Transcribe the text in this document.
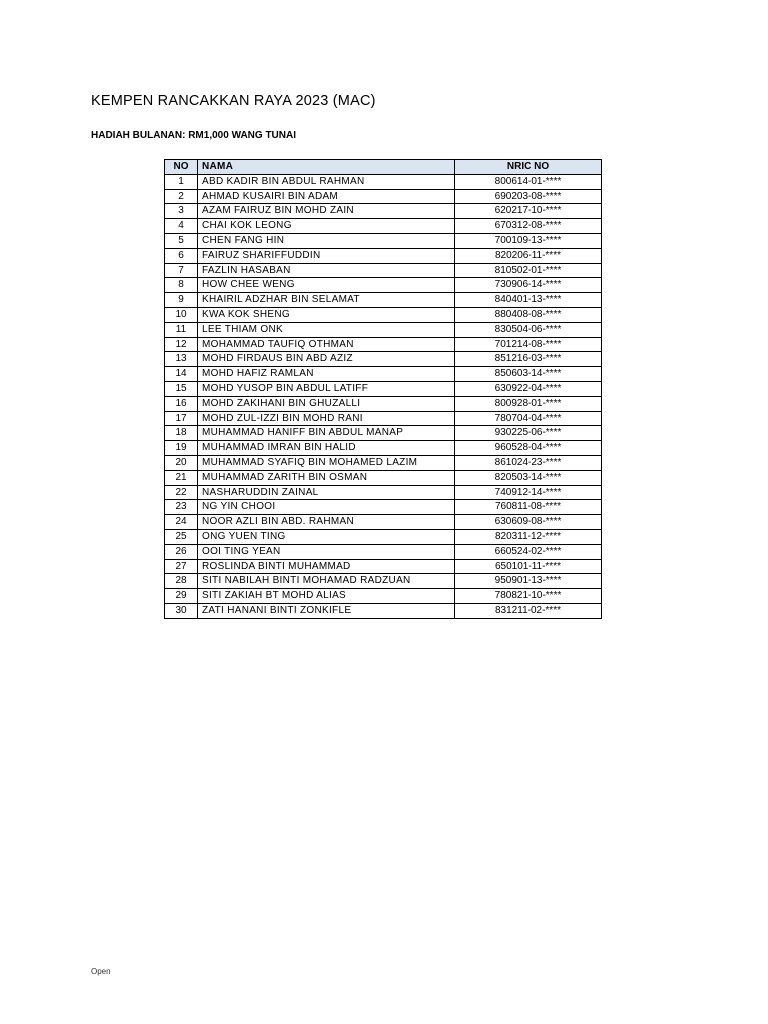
KEMPEN RANCAKKAN RAYA 2023 (MAC)
HADIAH BULANAN: RM1,000 WANG TUNAI
NO	NAMA	NRIC NO
1	ABD KADIR BIN ABDUL RAHMAN	800614-01-****
2	AHMAD KUSAIRI BIN ADAM	690203-08-****
3	AZAM FAIRUZ BIN MOHD ZAIN	620217-10-****
4	CHAI KOK LEONG	670312-08-****
5	CHEN FANG HIN	700109-13-****
6	FAIRUZ SHARIFFUDDIN	820206-11-****
7	FAZLIN HASABAN	810502-01-****
8	HOW CHEE WENG	730906-14-****
9	KHAIRIL ADZHAR BIN SELAMAT	840401-13-****
10	KWA KOK SHENG	880408-08-****
11	LEE THIAM ONK	830504-06-****
12	MOHAMMAD TAUFIQ OTHMAN	701214-08-****
13	MOHD FIRDAUS BIN ABD AZIZ	851216-03-****
14	MOHD HAFIZ RAMLAN	850603-14-****
15	MOHD YUSOP BIN ABDUL LATIFF	630922-04-****
16	MOHD ZAKIHANI BIN GHUZALLI	800928-01-****
17	MOHD ZUL-IZZI BIN MOHD RANI	780704-04-****
18	MUHAMMAD HANIFF BIN ABDUL MANAP	930225-06-****
19	MUHAMMAD IMRAN BIN HALID	960528-04-****
20	MUHAMMAD SYAFIQ BIN MOHAMED LAZIM	861024-23-****
21	MUHAMMAD ZARITH BIN OSMAN	820503-14-****
22	NASHARUDDIN ZAINAL	740912-14-****
23	NG YIN CHOOI	760811-08-****
24	NOOR AZLI BIN ABD. RAHMAN	630609-08-****
25	ONG YUEN TING	820311-12-****
26	OOI TING YEAN	660524-02-****
27	ROSLINDA BINTI MUHAMMAD	650101-11-****
28	SITI NABILAH BINTI MOHAMAD RADZUAN	950901-13-****
29	SITI ZAKIAH BT MOHD ALIAS	780821-10-****
30	ZATI HANANI BINTI ZONKIFLE	831211-02-****
Open
